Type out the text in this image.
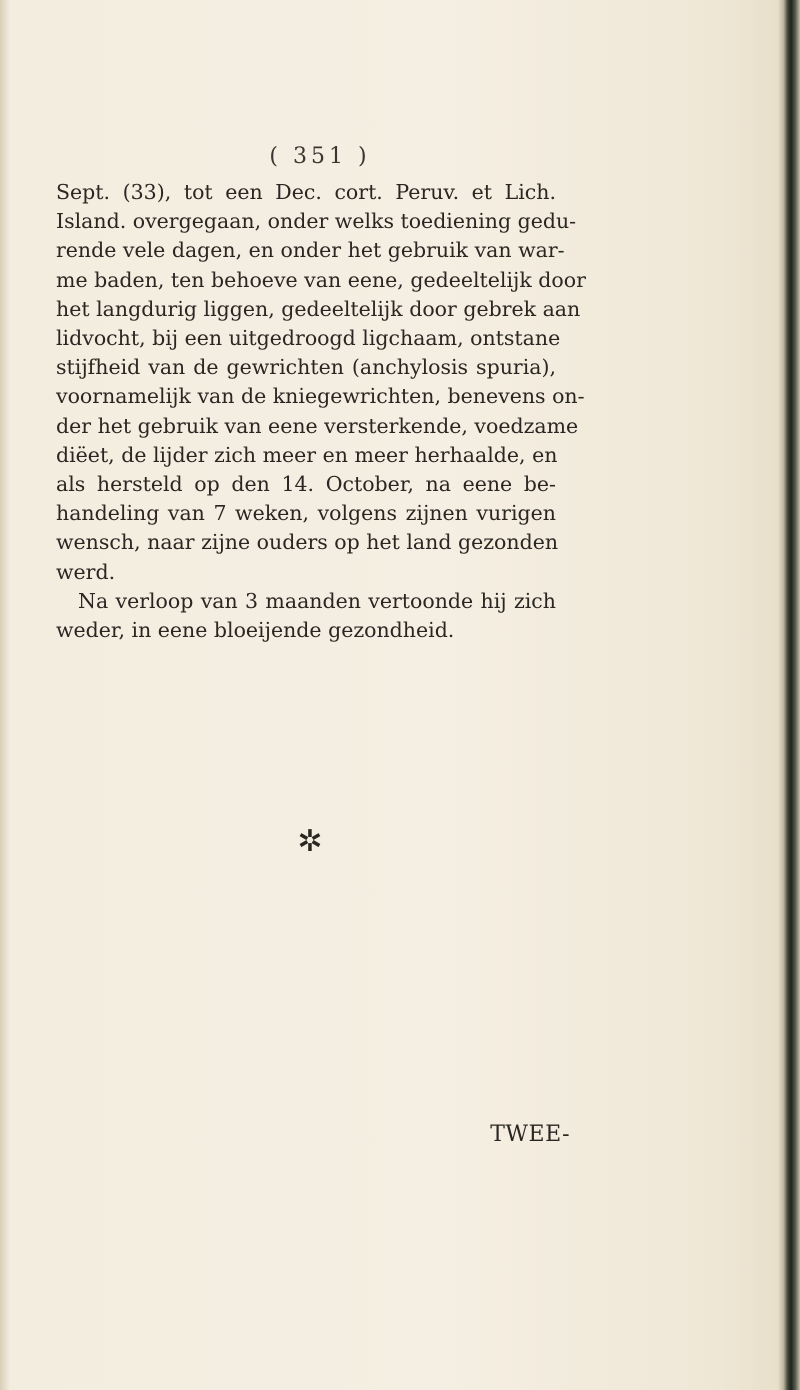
( 351 )
Sept. (33), tot een Dec. cort. Peruv. et Lich.
Island. overgegaan, onder welks toediening gedu-
rende vele dagen, en onder het gebruik van war-
me baden, ten behoeve van eene, gedeeltelijk door
het langdurig liggen, gedeeltelijk door gebrek aan
lidvocht, bij een uitgedroogd ligchaam, ontstane
stijfheid van de gewrichten (anchylosis spuria),
voornamelijk van de kniegewrichten, benevens on-
der het gebruik van eene versterkende, voedzame
diëet, de lijder zich meer en meer herhaalde, en
als hersteld op den 14. October, na eene be-
handeling van 7 weken, volgens zijnen vurigen
wensch, naar zijne ouders op het land gezonden
werd.
Na verloop van 3 maanden vertoonde hij zich
weder, in eene bloeijende gezondheid.
✲
TWEE-
